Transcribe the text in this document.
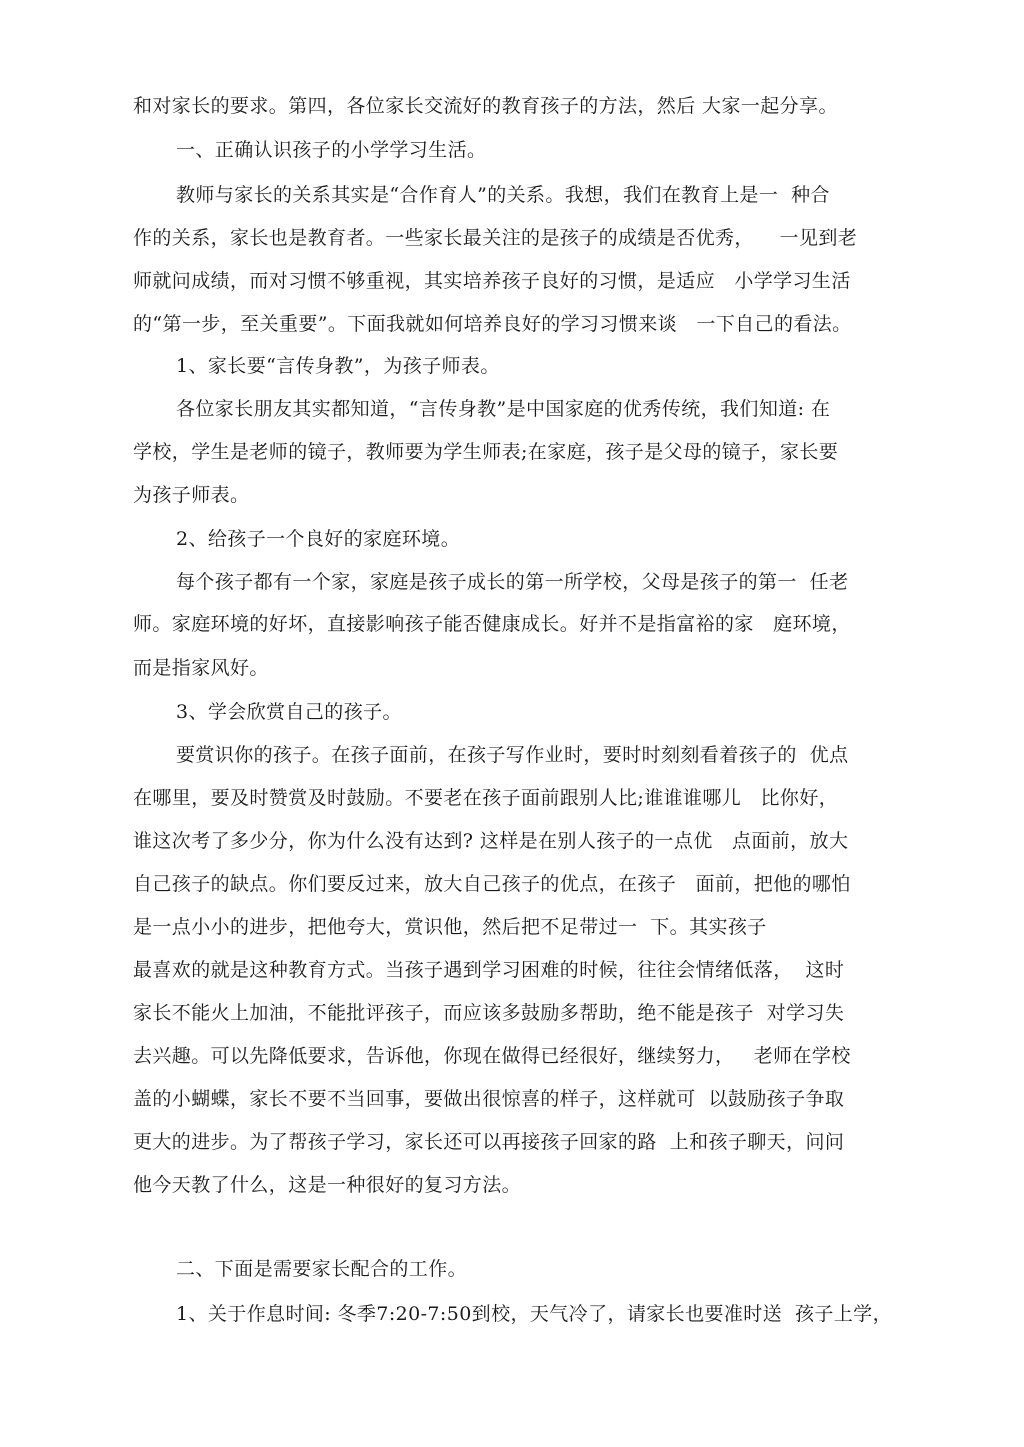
和对家长的要求。第四，各位家长交流好的教育孩子的方法，然后 大家一起分享。
一、正确认识孩子的小学学习生活。
教师与家长的关系其实是“合作育人”的关系。我想，我们在教育上是一  种合
作的关系，家长也是教育者。一些家长最关注的是孩子的成绩是否优秀，    一见到老
师就问成绩，而对习惯不够重视，其实培养孩子良好的习惯，是适应   小学学习生活
的“第一步，至关重要”。下面我就如何培养良好的学习习惯来谈   一下自己的看法。
1、家长要“言传身教”，为孩子师表。
各位家长朋友其实都知道，“言传身教”是中国家庭的优秀传统，我们知道: 在
学校，学生是老师的镜子，教师要为学生师表;在家庭，孩子是父母的镜子，家长要
为孩子师表。
2、给孩子一个良好的家庭环境。
每个孩子都有一个家，家庭是孩子成长的第一所学校，父母是孩子的第一  任老
师。家庭环境的好坏，直接影响孩子能否健康成长。好并不是指富裕的家   庭环境，
而是指家风好。
3、学会欣赏自己的孩子。
要赏识你的孩子。在孩子面前，在孩子写作业时，要时时刻刻看着孩子的  优点
在哪里，要及时赞赏及时鼓励。不要老在孩子面前跟别人比;谁谁谁哪儿   比你好，
谁这次考了多少分，你为什么没有达到? 这样是在别人孩子的一点优   点面前，放大
自己孩子的缺点。你们要反过来，放大自己孩子的优点，在孩子   面前，把他的哪怕
是一点小小的进步，把他夸大，赏识他，然后把不足带过一  下。其实孩子
最喜欢的就是这种教育方式。当孩子遇到学习困难的时候，往往会情绪低落，  这时
家长不能火上加油，不能批评孩子，而应该多鼓励多帮助，绝不能是孩子  对学习失
去兴趣。可以先降低要求，告诉他，你现在做得已经很好，继续努力，   老师在学校
盖的小蝴蝶，家长不要不当回事，要做出很惊喜的样子，这样就可  以鼓励孩子争取
更大的进步。为了帮孩子学习，家长还可以再接孩子回家的路  上和孩子聊天，问问
他今天教了什么，这是一种很好的复习方法。
二、下面是需要家长配合的工作。
1、关于作息时间: 冬季7:20-7:50到校，天气冷了，请家长也要准时送  孩子上学，
